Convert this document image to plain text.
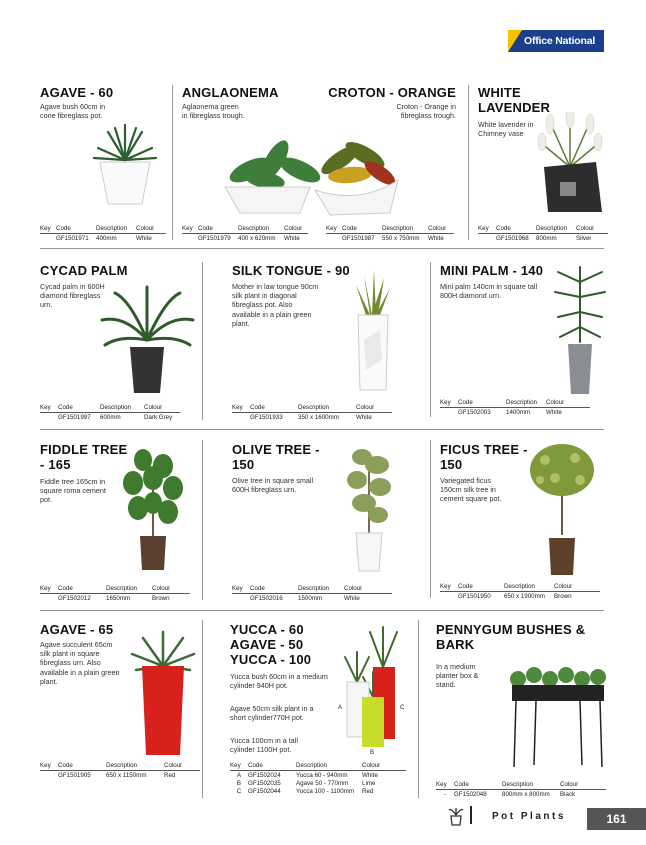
Office National
AGAVE - 60
Agave bush 60cm in cone fibreglass pot.
ANGLAONEMA
Aglaonema green in fibreglass trough.
CROTON - ORANGE
Croton - Orange in fibreglass trough.
WHITE LAVENDER
White lavender in Chimney vase
Key Code	Description	Colour
GF1501971	400mm	White
Key Code	Description	Colour
GF1501979	400 x 620mm	White
Key Code	Description	Colour
GF1501987	550 x 750mm	White
Key	Code	Description	Colour
GF1501968	800mm	Silver
CYCAD PALM
Cycad palm in 600H diamond fibreglass urn.
SILK TONGUE - 90
Mother in law tongue 90cm silk plant in diagonal fibreglass pot. Also available in a plain green plant.
MINI PALM - 140
Mini palm 140cm in square tall 800H diamond urn.
Key	Code	Description	Colour
GF1501997	600mm	Dark Grey
Key	Code	Description	Colour
GF1501933	350 x 1600mm	White
Key	Code	Description	Colour
GF1502003	1400mm	White
FIDDLE TREE - 165
Fiddle tree 165cm in square roma cement pot.
OLIVE TREE - 150
Olive tree in square small 600H fibreglass urn.
FICUS TREE - 150
Variegated ficus 150cm silk tree in cement square pot.
Key	Code	Description	Colour
GF1502012	1650mm	Brown
Key	Code	Description	Colour
GF1502016	1500mm	White
Key	Code	Description	Colour
GF1501950	650 x 1900mm	Brown
AGAVE - 65
Agave succulent 65cm silk plant in square fibreglass urn. Also available in a plain green plant.
YUCCA - 60 AGAVE - 50 YUCCA - 100
Yucca bush 60cm in a medium cylinder 940H pot.
Agave 50cm silk plant in a short cylinder770H pot.
Yucca 100cm in a tall cylinder 1100H pot.
A
B
C
PENNYGUM BUSHES & BARK
In a medium planter box & stand.
Key	Code	Description	Colour
GF1501905	650 x 1150mm	Red
Key	Code	Description	Colour
A	GF1502024	Yucca 60 - 940mm	White
B	GF1502035	Agave 50 - 770mm	Lime
C	GF1502044	Yucca 100 - 1100mm	Red
Key	Code	Description	Colour
-	GF1502048	800mm x 800mm	Black
Pot Plants	161
